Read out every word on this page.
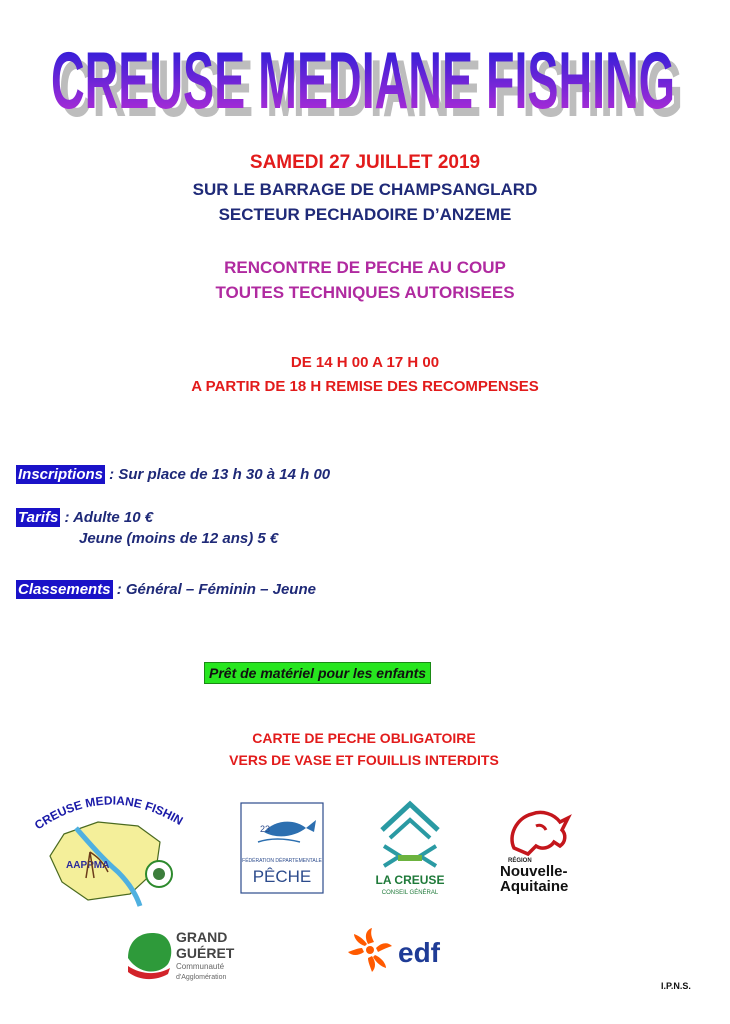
CREUSE MEDIANE FISHING
CREUSE MEDIANE FISHING
SAMEDI 27 JUILLET 2019
SUR LE BARRAGE DE CHAMPSANGLARD
SECTEUR PECHADOIRE D’ANZEME
RENCONTRE DE PECHE AU COUP
TOUTES TECHNIQUES AUTORISEES
DE 14 H 00 A 17 H 00
A PARTIR DE 18 H REMISE DES RECOMPENSES
Inscriptions : Sur place de 13 h 30 à 14 h 00
Tarifs : Adulte 10 €
Jeune (moins de 12 ans) 5 €
Classements : Général – Féminin – Jeune
Prêt de matériel pour les enfants
CARTE DE PECHE OBLIGATOIRE
VERS DE VASE ET FOUILLIS INTERDITS
CREUSE MEDIANE FISHIN
AAPPMA
23
FÉDÉRATION DÉPARTEMENTALE
PÊCHE	LA CREUSE
CONSEIL GÉNÉRAL
RÉGION
Nouvelle-
Aquitaine
GRAND
GUÉRET
Communauté
d'Agglomération
edf
I.P.N.S.
